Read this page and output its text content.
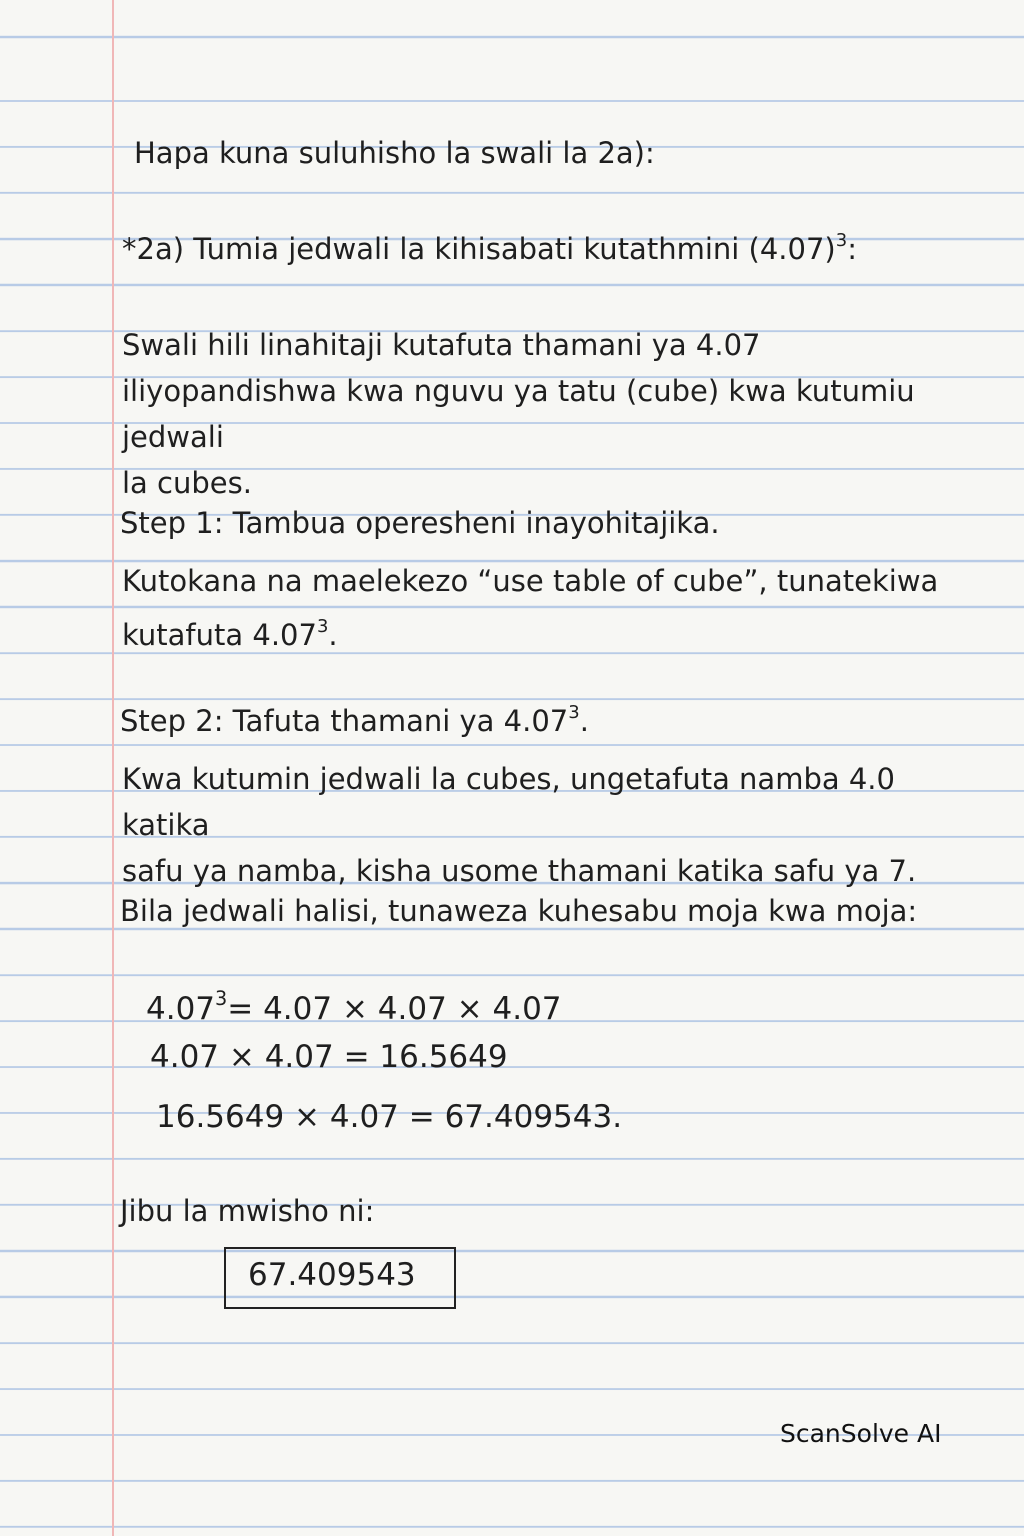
Hapa kuna suluhisho la swali la 2a):
*2a) Tumia jedwali la kihisabati kutathmini $(4.07)^3$:
Swali hili linahitaji kutafuta thamani ya 4.07
iliyopandishwa kwa nguvu ya tatu (cube) kwa kutumiu jedwali
la cubes.
Step 1: Tambua operesheni inayohitajika.
Kutokana na maelekezo “use table of cube”, tunatekiwa
kutafuta 4.07$^3$.
Step 2: Tafuta thamani ya 4.07$^3$.
Kwa kutumin jedwali la cubes, ungetafuta namba 4.0 katika
safu ya namba, kisha usome thamani katika safu ya 7.
Bila jedwali halisi, tunaweza kuhesabu moja kwa moja:
$4.07^3= 4.07 \times 4.07 \times 4.07$
4.07 × 4.07 = 16.5649
16.5649 × 4.07 = 67.409543.
Jibu la mwisho ni:
67.409543
ScanSolve AI
